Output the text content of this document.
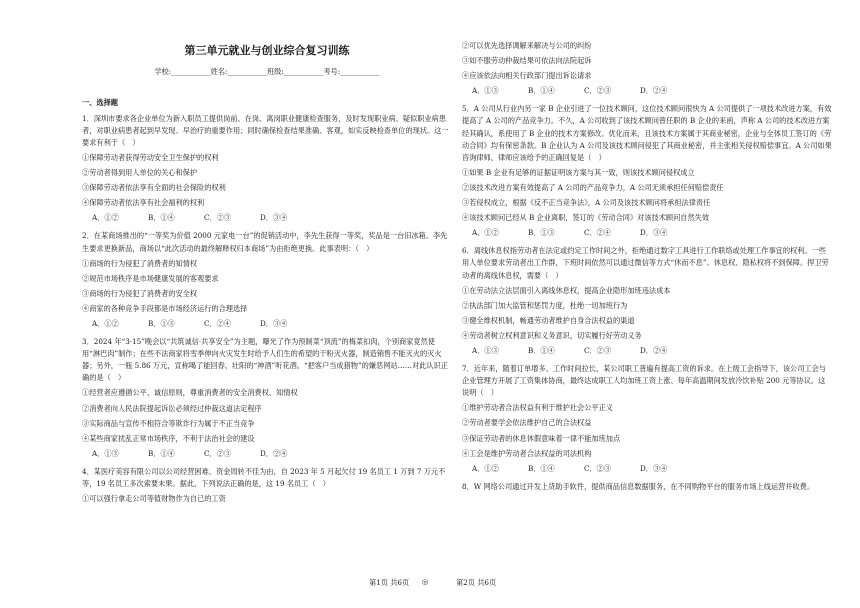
第三单元就业与创业综合复习训练
学校:___________姓名:___________班级:___________考号:___________
一、选择题
1．深圳市要求各企业单位为新入职员工提供岗前、在岗、离岗职业健康检查服务，及时发现职业病、疑似职业病患者，对职业病患者起到早发现、早治疗的重要作用；同时确保检查结果准确、客观，如实反映检查单位的现状。这一要求有利于（　）
①保障劳动者获得劳动安全卫生保护的权利
②劳动者得到用人单位的关心和保护
③保障劳动者依法享有全面的社会保险的权利
④保障劳动者依法享有社会福利的权利
A．①②	B．①④	C．②③	D．③④
2．在某商场推出的“一等奖为价值 2000 元家电一台”的促销活动中，李先生获得一等奖，奖品是一台旧冰箱。李先生要求更换新品，商场以“此次活动的最终解释权归本商场”为由拒绝更换。此事表明：（　）
①商场的行为侵犯了消费者的知情权
②规范市场秩序是市场健康发展的客观要求
③商场的行为侵犯了消费者的安全权
④商家的各种竞争手段都是市场经济运行的合理选择
A．①②	B．①③	C．②④	D．③④
3．2024 年“3·15”晚会以“共筑诚信·共享安全”为主题，曝光了作为预制菜“顶流”的梅菜扣肉，个别商家竟然使用“淋巴肉”制作；在些不法商家将雪季伸向火灾发生时给予人们生的希望的干粉灭火器，制造销售不能灭火的灭火器；另外，一瓶 5.86 万元，宣称喝了能回春、壮阳的“神酒”听花酒。“把客户当成猎物”的嫌恶网站……对此认识正确的是（　）
①经营者应遵循公平、诚信原则，尊重消费者的安全消费权、知情权
②消费者向人民法院提起诉讼必须经过仲裁这道法定程序
③实际商品与宣传不相符合等欺诈行为属于不正当竞争
④某些商家扰乱正常市场秩序，不利于法治社会的建设
A．①③	B．①④	C．②③	D．②④
4．某医疗美容有限公司以公司经营困难、资金周转不佳为由，自 2023 年 5 月起欠付 19 名员工 1 万到 7 万元不等，19 名员工多次索要未果。据此，下列说法正确的是，这 19 名员工（　）
①可以强行拿走公司等值财物作为自己的工资
②可以优先选择调解来解决与公司的纠纷
③如不服劳动仲裁结果可依法向法院起诉
④应该依法向相关行政部门提出诉讼请求
A．①③	B．①④	C．②③	D．②④
5．A 公司从行业内另一家 B 企业引进了一位技术顾问，这位技术顾问很快为 A 公司提供了一项技术改进方案，有效提高了 A 公司的产品竞争力。不久，A 公司收到了该技术顾问曾任职的 B 企业的来函，声称 A 公司的技术改进方案经其确认，系使用了 B 企业的技术方案修改。优化而来，且该技术方案属于其商业秘密，企业与全体员工签订的《劳动合同》均有保密条款。B 企业认为 A 公司及该技术顾问侵犯了其商业秘密，并主张相关侵权赔偿事宜。A 公司如果咨询律师，律师应该给予的正确回复是（　）
①如果 B 企业有足够的证据证明该方案与其一致，则该技术顾问侵权成立
②该技术改进方案有效提高了 A 公司的产品竞争力，A 公司无须承担任何赔偿责任
③若侵权成立，根据《反不正当竞争法》，A 公司及该技术顾问将承担法律责任
④该技术顾问已经从 B 企业离职，签订的《劳动合同》对该技术顾问自然失效
A．①②	B．①③	C．②④	D．③④
6．离线休息权指劳动者在法定或约定工作时间之外，拒绝通过数字工具进行工作联络或处理工作事宜的权利。一些用人单位要求劳动者出工作群，下班时间依然可以通过微信等方式“休而不息”。休息权、隐私权将不到保障。捍卫劳动者的离线休息权，需要（　）
①在劳动法立法层面引入离线休息权，提高企业隐形加班违法成本
②执法部门加大监管和惩罚力度，杜绝一切加班行为
③健全维权机制，畅通劳动者维护自身合法权益的渠道
④劳动者树立权利意识和义务意识，切实履行好劳动义务
A．①③	B．①④	C．②③	D．②④
7．近年来，随着订单增多、工作时间拉长，某公司职工普遍有提高工资的诉求。在上级工会指导下，该公司工会与企业管理方开展了工资集体协商，最终达成职工人均加班工资上涨、每年高温期间发放冷饮补贴 200 元等协议。这说明（　）
①维护劳动者合法权益有利于维护社会公平正义
②劳动者要学会依法维护自己的合法权益
③保证劳动者的休息休假意味着一律不能加班加点
④工会是维护劳动者合法权益的司法机构
A．①②	B．①④	C．②③	D．③④
8．W 网络公司通过开发上货助手软件，提供商品信息数据服务，在不同购物平台的服务市场上线运营并收费。
第1页 共6页 ◎	第2页 共6页
